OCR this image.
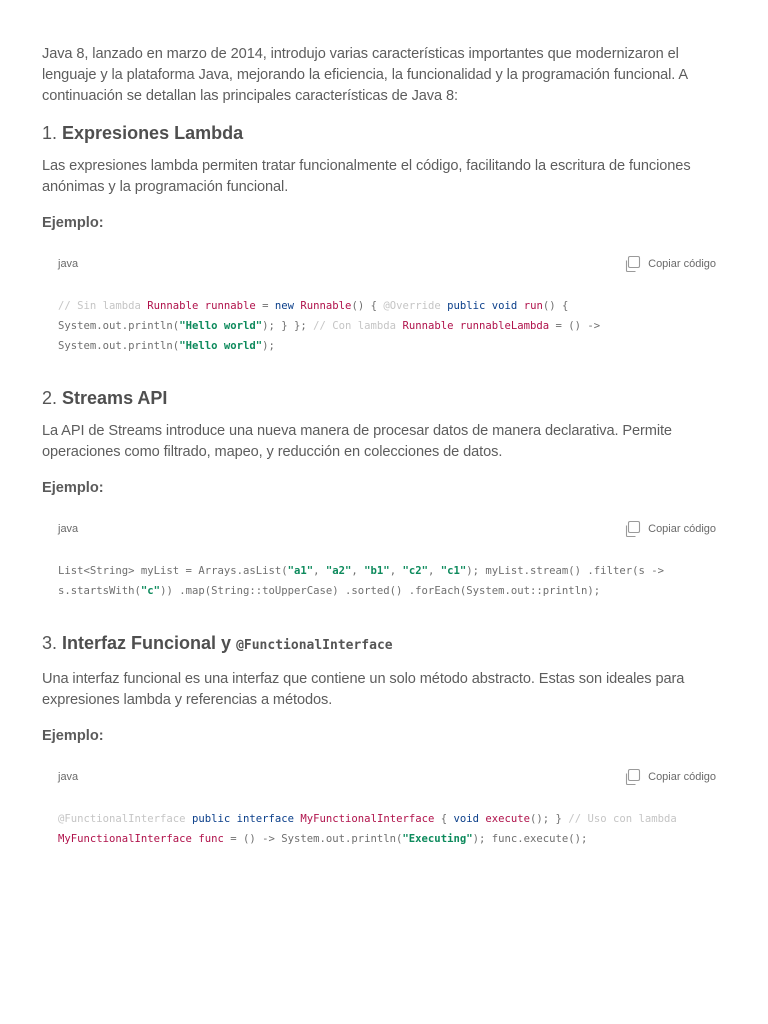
Java 8, lanzado en marzo de 2014, introdujo varias características importantes que modernizaron el lenguaje y la plataforma Java, mejorando la eficiencia, la funcionalidad y la programación funcional. A continuación se detallan las principales características de Java 8:

1. Expresiones Lambda

Las expresiones lambda permiten tratar funcionalmente el código, facilitando la escritura de funciones anónimas y la programación funcional.

Ejemplo:
java	Copiar código
// Sin lambda Runnable runnable = new Runnable() { @Override public void run() { System.out.println("Hello world"); } }; // Con lambda Runnable runnableLambda = () -> System.out.println("Hello world");
2. Streams API

La API de Streams introduce una nueva manera de procesar datos de manera declarativa. Permite operaciones como filtrado, mapeo, y reducción en colecciones de datos.

Ejemplo:
java	Copiar código
List<String> myList = Arrays.asList("a1", "a2", "b1", "c2", "c1"); myList.stream() .filter(s -> s.startsWith("c")) .map(String::toUpperCase) .sorted() .forEach(System.out::println);
3. Interfaz Funcional y @FunctionalInterface

Una interfaz funcional es una interfaz que contiene un solo método abstracto. Estas son ideales para expresiones lambda y referencias a métodos.

Ejemplo:
java	Copiar código
@FunctionalInterface public interface MyFunctionalInterface { void execute(); } // Uso con lambda MyFunctionalInterface func = () -> System.out.println("Executing"); func.execute();
